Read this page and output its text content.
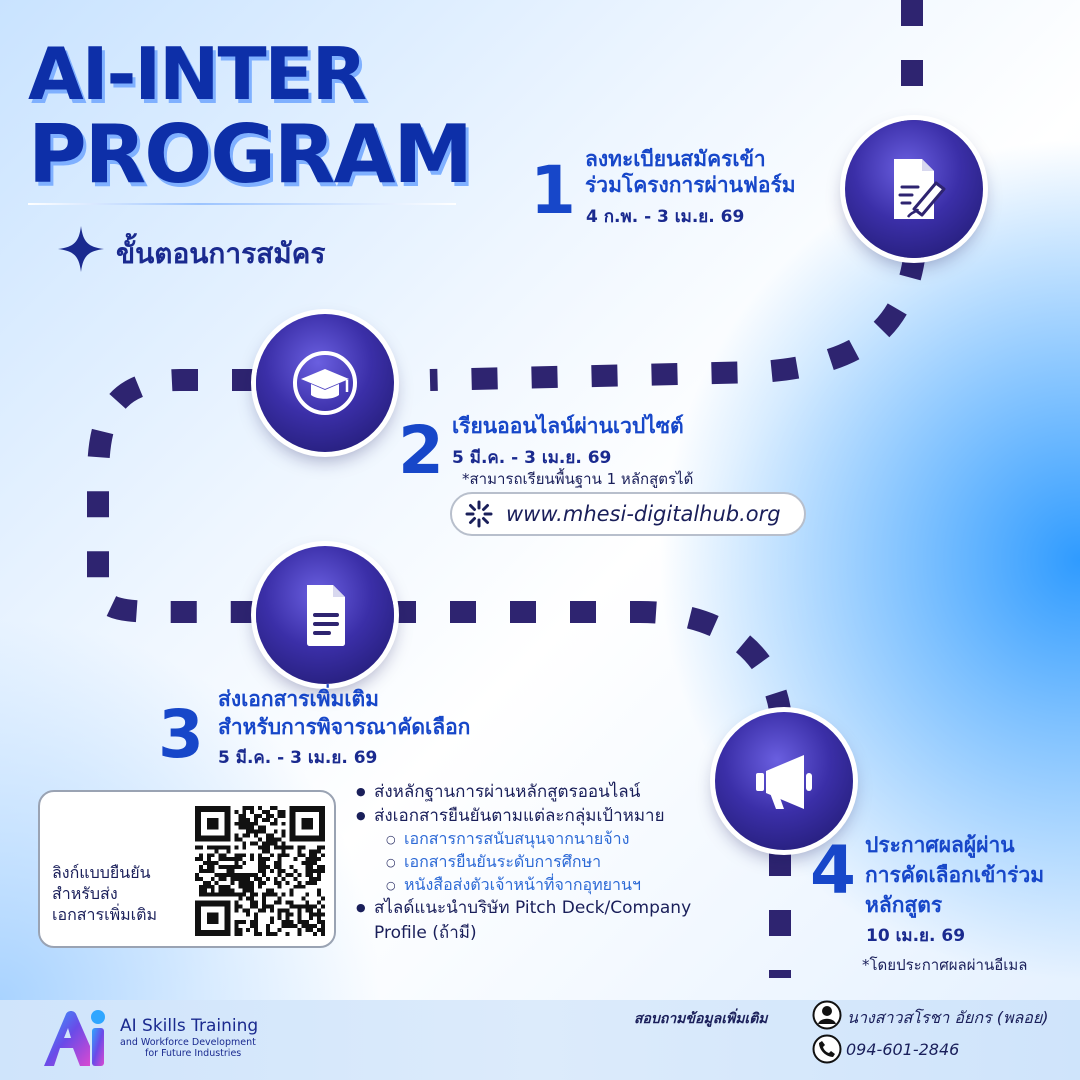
AI-INTER
PROGRAM
ขั้นตอนการสมัคร
1 ลงทะเบียนสมัครเข้า
ร่วมโครงการผ่านฟอร์ม
4 ก.พ. - 3 เม.ย. 69
2 เรียนออนไลน์ผ่านเวปไซต์
5 มี.ค. - 3 เม.ย. 69
*สามารถเรียนพื้นฐาน 1 หลักสูตรได้
www.mhesi-digitalhub.org
3 ส่งเอกสารเพิ่มเติม
สำหรับการพิจารณาคัดเลือก
5 มี.ค. - 3 เม.ย. 69
ลิงก์แบบยืนยัน
สำหรับส่ง
เอกสารเพิ่มเติม
● ส่งหลักฐานการผ่านหลักสูตรออนไลน์
● ส่งเอกสารยืนยันตามแต่ละกลุ่มเป้าหมาย
○ เอกสารการสนับสนุนจากนายจ้าง
○ เอกสารยืนยันระดับการศึกษา
○ หนังสือส่งตัวเจ้าหน้าที่จากอุทยานฯ
● สไลด์แนะนำบริษัท Pitch Deck/Company
Profile (ถ้ามี)
4 ประกาศผลผู้ผ่าน
การคัดเลือกเข้าร่วม
หลักสูตร
10 เม.ย. 69
*โดยประกาศผลผ่านอีเมล
AI Skills Training
and Workforce Development
for Future Industries
สอบถามข้อมูลเพิ่มเติม	นางสาวสโรชา อัยกร (พลอย)
094-601-2846
